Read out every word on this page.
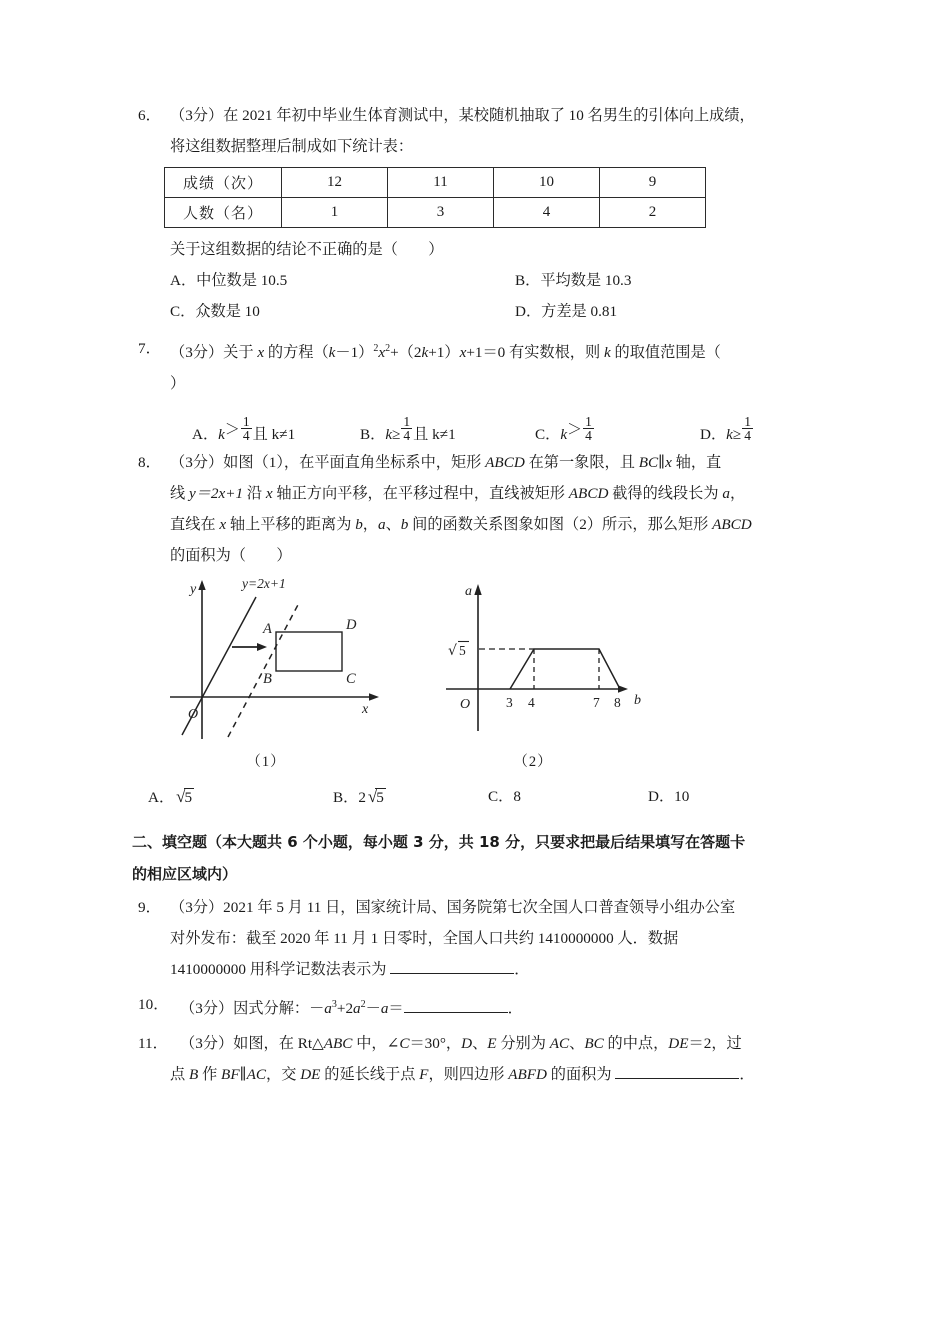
6． （3分）在 2021 年初中毕业生体育测试中，某校随机抽取了 10 名男生的引体向上成绩，
将这组数据整理后制成如下统计表：
成绩（次）	12	11	10	9
人数（名）	1	3	4	2
关于这组数据的结论不正确的是（　　）
A．中位数是 10.5	B．平均数是 10.3
C．众数是 10	D．方差是 0.81
7． （3分）关于 x 的方程$(k-1)^2x^2+(2k+1)x+1=0$ 有实数根，则 k 的取值范围是（
）
A． $k > \frac{1}{4}$ 且 k≠1	B． $k \ge \frac{1}{4}$ 且 k≠1	C． $k > \frac{1}{4}$	D． $k \ge \frac{1}{4}$
8． （3分）如图（1），在平面直角坐标系中，矩形 ABCD 在第一象限，且 BC∥x 轴，直
线 y＝2x+1 沿 x 轴正方向平移，在平移过程中，直线被矩形 ABCD 截得的线段长为 a，
直线在 x 轴上平移的距离为 b，a、b 间的函数关系图象如图（2）所示，那么矩形 ABCD
的面积为（　　）
y
x
O
y=2x+1
A
B	C
D
（1）
a
b
O
√ 5
3 4	7 8
（2）
A． √5	B．2 √5	C．8	D．10
二、填空题（本大题共 6 个小题，每小题 3 分，共 18 分，只要求把最后结果填写在答题卡
的相应区域内）
9． （3分）2021 年 5 月 11 日，国家统计局、国务院第七次全国人口普查领导小组办公室
对外发布：截至 2020 年 11 月 1 日零时，全国人口共约 1410000000 人．数据
1410000000 用科学记数法表示为	．
10． （3分）因式分解：$-a^3+2a^2-a=$	．
11． （3分）如图，在 Rt△ABC 中，∠C＝30°，D、E 分别为 AC、BC 的中点，DE＝2，过
点 B 作 BF∥AC，交 DE 的延长线于点 F，则四边形 ABFD 的面积为	．
